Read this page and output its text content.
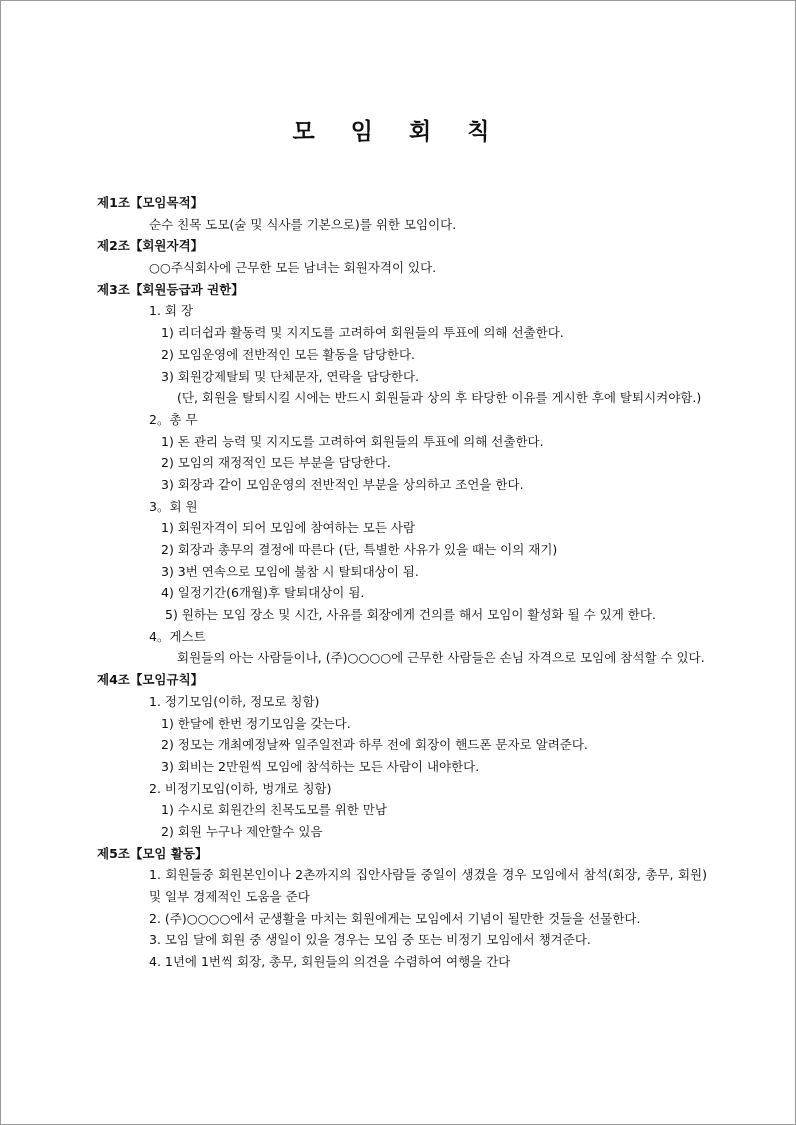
모 임 회 칙
제1조【모임목적】
순수 친목 도모(술 및 식사를 기본으로)를 위한 모임이다.
제2조【회원자격】
○○주식회사에 근무한 모든 남녀는 회원자격이 있다.
제3조【회원등급과 권한】
1. 회 장
1) 리더쉽과 활동력 및 지지도를 고려하여 회원들의 투표에 의해 선출한다.
2) 모임운영에 전반적인 모든 활동을 담당한다.
3) 회원강제탈퇴 및 단체문자, 연락을 담당한다.
(단, 회원을 탈퇴시킬 시에는 반드시 회원들과 상의 후 타당한 이유를 게시한 후에 탈퇴시켜야함.)
2。총 무
1) 돈 관리 능력 및 지지도를 고려하여 회원들의 투표에 의해 선출한다.
2) 모임의 재정적인 모든 부분을 담당한다.
3) 회장과 같이 모임운영의 전반적인 부분을 상의하고 조언을 한다.
3。회 원
1) 회원자격이 되어 모임에 참여하는 모든 사람
2) 회장과 총무의 결정에 따른다 (단, 특별한 사유가 있을 때는 이의 재기)
3) 3번 연속으로 모임에 불참 시 탈퇴대상이 됨.
4) 일정기간(6개월)후 탈퇴대상이 됨.
5) 원하는 모임 장소 및 시간, 사유를 회장에게 건의를 해서 모임이 활성화 될 수 있게 한다.
4。게스트
회원들의 아는 사람들이나, (주)○○○○에 근무한 사람들은 손님 자격으로 모임에 참석할 수 있다.
제4조【모임규칙】
1. 정기모임(이하, 정모로 칭함)
1) 한달에 한번 정기모임을 갖는다.
2) 정모는 개최예정날짜 일주일전과 하루 전에 회장이 핸드폰 문자로 알려준다.
3) 회비는 2만원씩 모임에 참석하는 모든 사람이 내야한다.
2. 비정기모임(이하, 벙개로 칭함)
1) 수시로 회원간의 친목도모를 위한 만남
2) 회원 누구나 제안할수 있음
제5조【모임 활동】
1. 회원들중 회원본인이나 2촌까지의 집안사람들 중일이 생겼을 경우 모임에서 참석(회장, 총무, 회원) 및 일부 경제적인 도움을 준다
2. (주)○○○○에서 군생활을 마치는 회원에게는 모임에서 기념이 될만한 것들을 선물한다.
3. 모임 달에 회원 중 생일이 있을 경우는 모임 중 또는 비정기 모임에서 챙겨준다.
4. 1년에 1번씩 회장, 총무, 회원들의 의견을 수렴하여 여행을 간다
